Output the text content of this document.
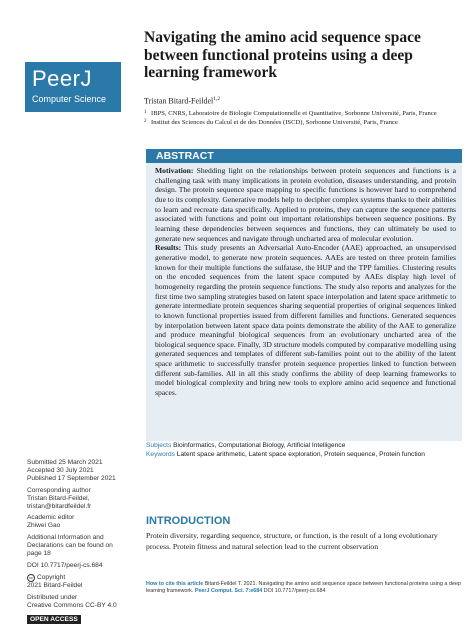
PeerJ
Computer Science
Navigating the amino acid sequence space between functional proteins using a deep learning framework
Tristan Bitard-Feildel$^{1,2}$
1 IBPS, CNRS, Laboratoire de Biologie Computationnelle et Quantitative, Sorbonne Université, Paris, France
2 Institut des Sciences du Calcul et de des Données (ISCD), Sorbonne Université, Paris, France
ABSTRACT

Motivation: Shedding light on the relationships between protein sequences and functions is a challenging task with many implications in protein evolution, diseases understanding, and protein design. The protein sequence space mapping to specific functions is however hard to comprehend due to its complexity. Generative models help to decipher complex systems thanks to their abilities to learn and recreate data specifically. Applied to proteins, they can capture the sequence patterns associated with functions and point out important relationships between sequence positions. By learning these dependencies between sequences and functions, they can ultimately be used to generate new sequences and navigate through uncharted area of molecular evolution.

Results: This study presents an Adversarial Auto-Encoder (AAE) approached, an unsupervised generative model, to generate new protein sequences. AAEs are tested on three protein families known for their multiple functions the sulfatase, the HUP and the TPP families. Clustering results on the encoded sequences from the latent space computed by AAEs display high level of homogeneity regarding the protein sequence functions. The study also reports and analyzes for the first time two sampling strategies based on latent space interpolation and latent space arithmetic to generate intermediate protein sequences sharing sequential properties of original sequences linked to known functional properties issued from different families and functions. Generated sequences by interpolation between latent space data points demonstrate the ability of the AAE to generalize and produce meaningful biological sequences from an evolutionary uncharted area of the biological sequence space. Finally, 3D structure models computed by comparative modelling using generated sequences and templates of different sub-families point out to the ability of the latent space arithmetic to successfully transfer protein sequence properties linked to function between different sub-families. All in all this study confirms the ability of deep learning frameworks to model biological complexity and bring new tools to explore amino acid sequence and functional spaces.

Subjects Bioinformatics, Computational Biology, Artificial Intelligence
Keywords Latent space arithmetic, Latent space exploration, Protein sequence, Protein function
Submitted 25 March 2021
Accepted 30 July 2021
Published 17 September 2021
Corresponding author
Tristan Bitard-Feildel,
tristan@bitardfeildel.fr
Academic editor
Zhiwei Gao
Additional Information and
Declarations can be found on
page 18
DOI 10.7717/peerj-cs.684
cc Copyright
2021 Bitard-Feildel
Distributed under
Creative Commons CC-BY 4.0
OPEN ACCESS
INTRODUCTION

Protein diversity, regarding sequence, structure, or function, is the result of a long evolutionary process. Protein fitness and natural selection lead to the current observation

How to cite this article Bitard-Feildel T. 2021. Navigating the amino acid sequence space between functional proteins using a deep learning framework. PeerJ Comput. Sci. 7:e684 DOI 10.7717/peerj-cs.684
